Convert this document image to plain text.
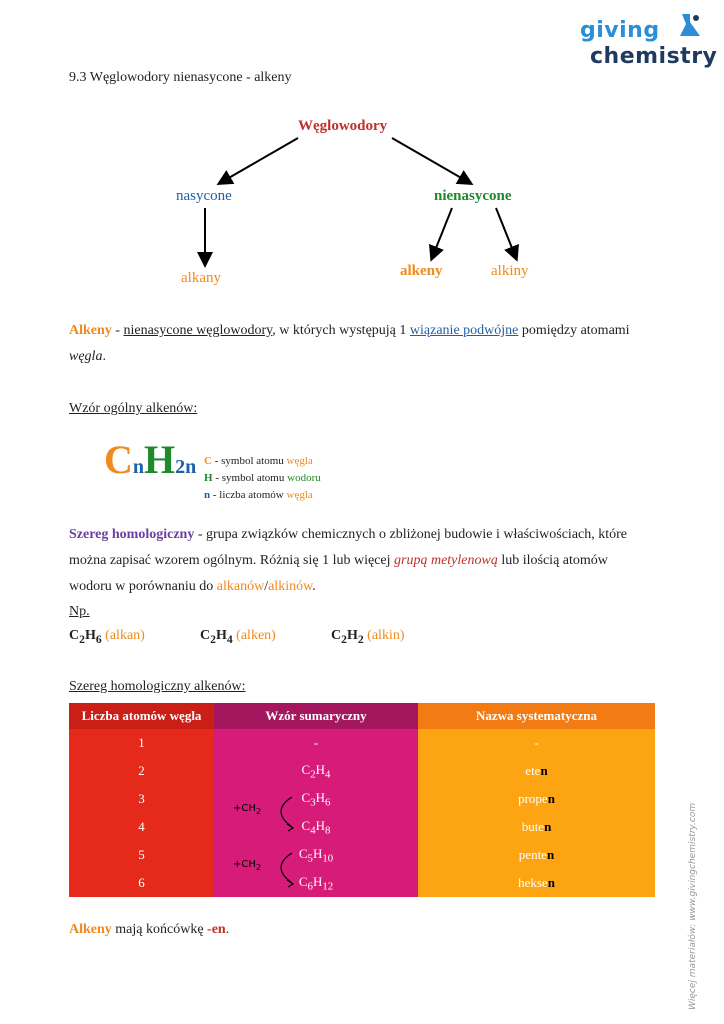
giving
chemistry
9.3 Węglowodory nienasycone - alkeny
Węglowodory
nasycone	nienasycone
alkany	alkeny	alkiny
Alkeny - nienasycone węglowodory, w których występują 1 wiązanie podwójne pomiędzy atomami
węgla.
Wzór ogólny alkenów:
CnH2n C - symbol atomu węgla
H - symbol atomu wodoru
n - liczba atomów węgla
Szereg homologiczny - grupa związków chemicznych o zbliżonej budowie i właściwościach, które
można zapisać wzorem ogólnym. Różnią się 1 lub więcej grupą metylenową lub ilością atomów
wodoru w porównaniu do alkanów/alkinów.
Np.
$C_2H_6$ (alkan)	$C_2H_4$ (alken)	$C_2H_2$ (alkin)
Szereg homologiczny alkenów:
Liczba atomów węgla	Wzór sumaryczny	Nazwa systematyczna
1	-	-
2	$C_2H_4$	eten
3	$C_3H_6$	propen
4	$C_4H_8$	buten
5	$C_5H_{10}$	penten
6	$C_6H_{12}$	heksen
$+CH_2$
$+CH_2$
Alkeny mają końcówkę -en.	Więcej materiałów: www.givingchemistry.com
